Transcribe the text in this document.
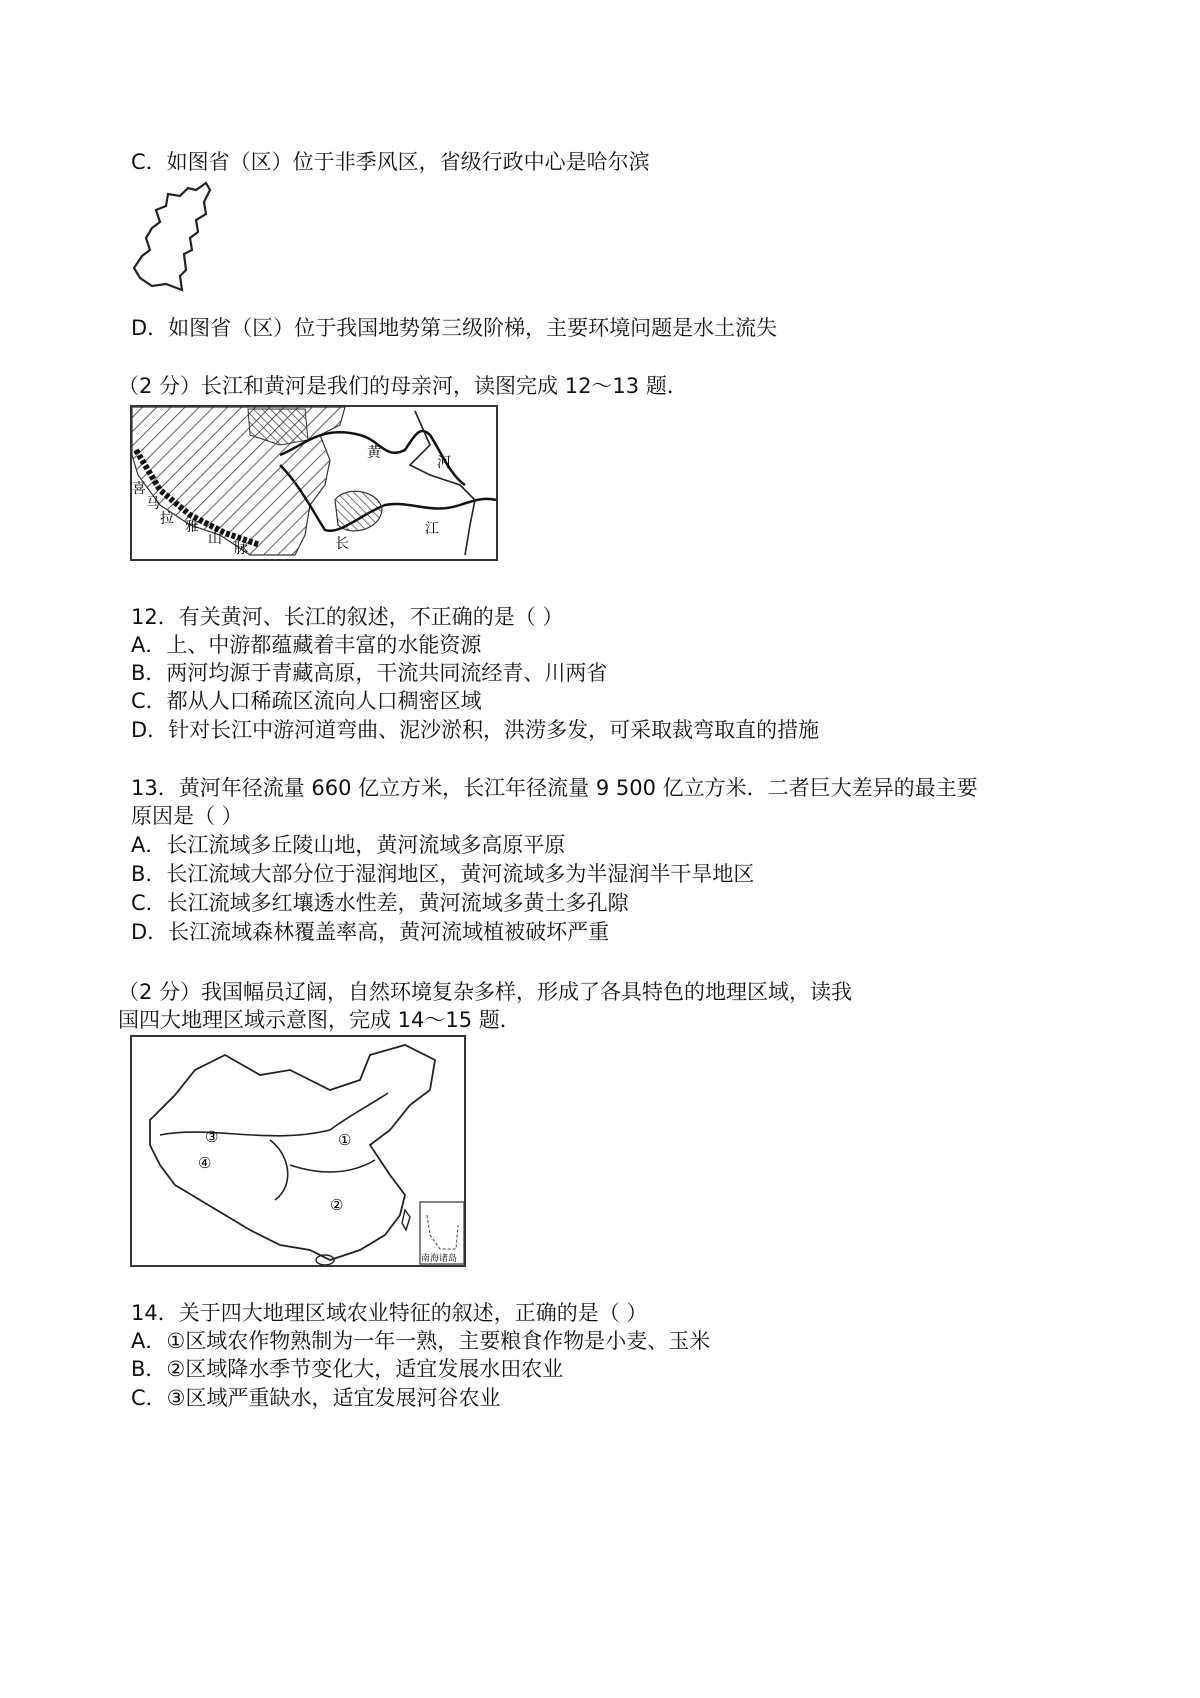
C．如图省（区）位于非季风区，省级行政中心是哈尔滨
D．如图省（区）位于我国地势第三级阶梯，主要环境问题是水土流失
（2 分）长江和黄河是我们的母亲河，读图完成 12～13 题．
喜
马
拉 雅
山
脉
黄
河
长
江
12．有关黄河、长江的叙述，不正确的是（ ）
A．上、中游都蕴藏着丰富的水能资源
B．两河均源于青藏高原，干流共同流经青、川两省
C．都从人口稀疏区流向人口稠密区域
D．针对长江中游河道弯曲、泥沙淤积，洪涝多发，可采取裁弯取直的措施
13．黄河年径流量 660 亿立方米，长江年径流量 9 500 亿立方米．二者巨大差异的最主要
原因是（ ）
A．长江流域多丘陵山地，黄河流域多高原平原
B．长江流域大部分位于湿润地区，黄河流域多为半湿润半干旱地区
C．长江流域多红壤透水性差，黄河流域多黄土多孔隙
D．长江流域森林覆盖率高，黄河流域植被破坏严重
（2 分）我国幅员辽阔，自然环境复杂多样，形成了各具特色的地理区域，读我
国四大地理区域示意图，完成 14～15 题．
南海诸岛
③
④
①
②
14．关于四大地理区域农业特征的叙述，正确的是（ ）
A．①区域农作物熟制为一年一熟，主要粮食作物是小麦、玉米
B．②区域降水季节变化大，适宜发展水田农业
C．③区域严重缺水，适宜发展河谷农业
